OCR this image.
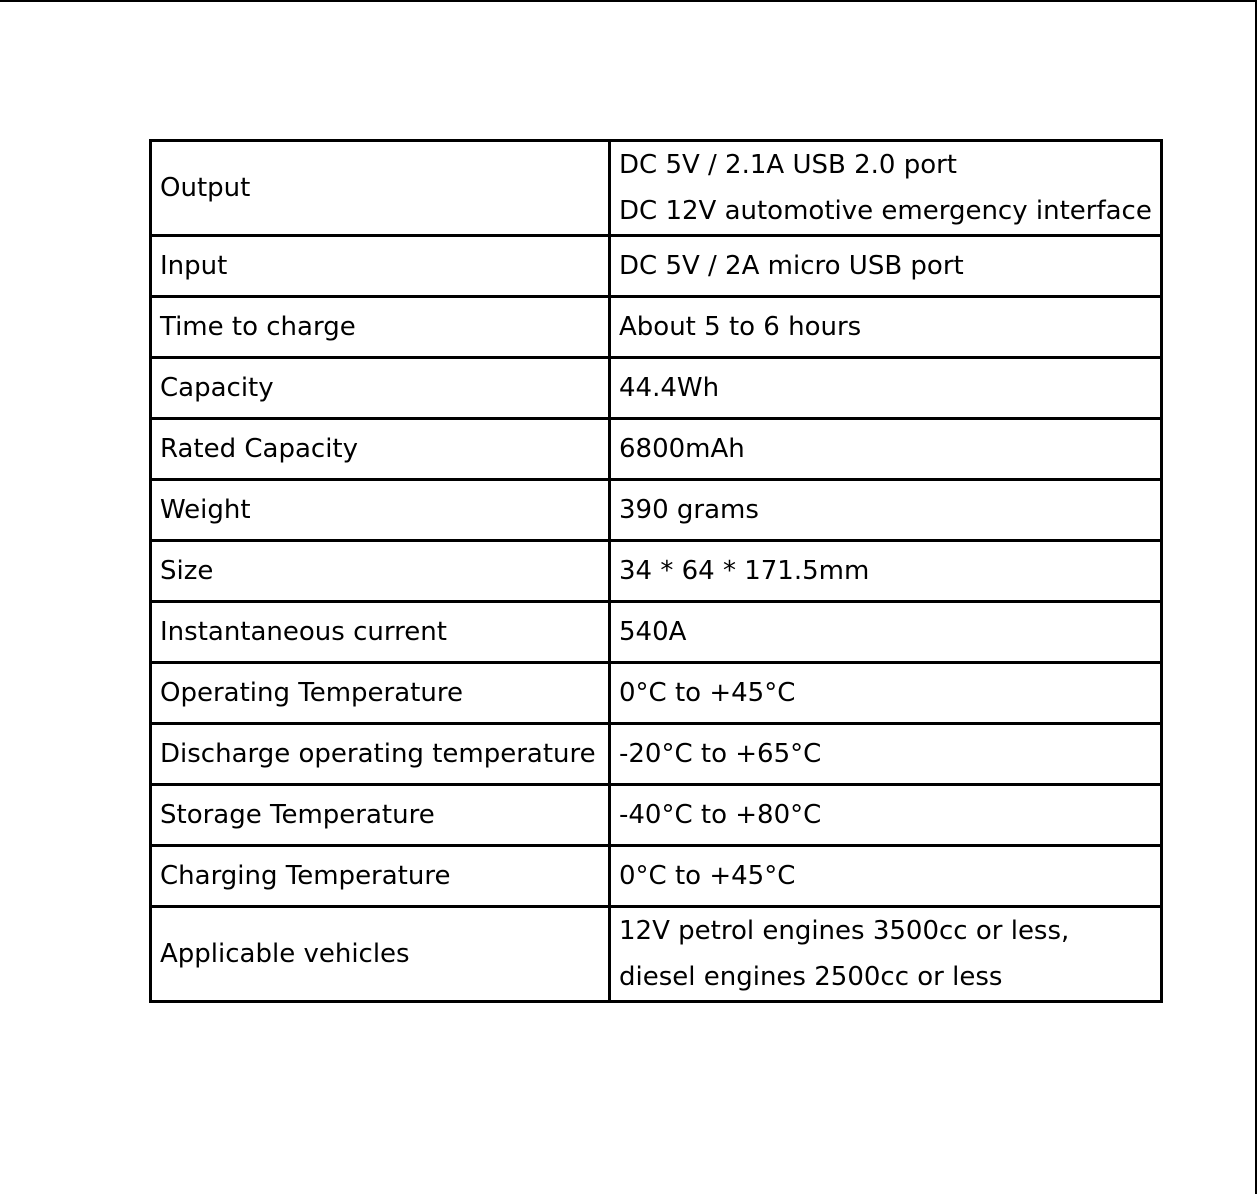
Output	DC 5V / 2.1A USB 2.0 port
DC 12V automotive emergency interface

Input	DC 5V / 2A micro USB port
Time to charge	About 5 to 6 hours
Capacity	44.4Wh
Rated Capacity	6800mAh
Weight	390 grams
Size	34 * 64 * 171.5mm
Instantaneous current	540A
Operating Temperature	0°C to +45°C
Discharge operating temperature	-20°C to +65°C
Storage Temperature	-40°C to +80°C
Charging Temperature	0°C to +45°C
Applicable vehicles	12V petrol engines 3500cc or less,
diesel engines 2500cc or less
